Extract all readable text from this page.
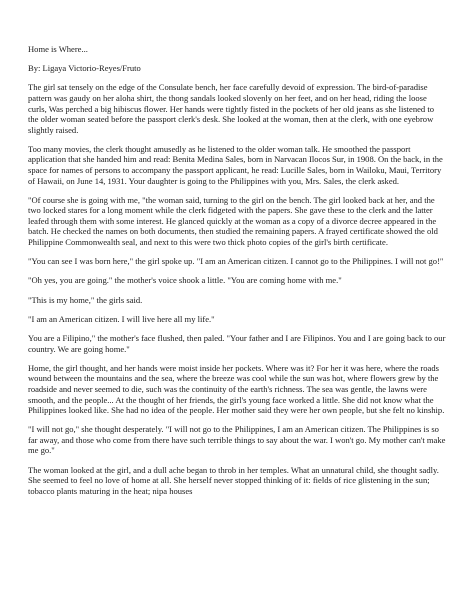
Home is Where...

By: Ligaya Victorio-Reyes/Fruto

The girl sat tensely on the edge of the Consulate bench, her face carefully devoid of expression. The bird-of-paradise pattern was gaudy on her aloha shirt, the thong sandals looked slovenly on her feet, and on her head, riding the loose curls, Was perched a big hibiscus flower. Her hands were tightly fisted in the pockets of her old jeans as she listened to the older woman seated before the passport clerk's desk. She looked at the woman, then at the clerk, with one eyebrow slightly raised.

Too many movies, the clerk thought amusedly as he listened to the older woman talk. He smoothed the passport application that she handed him and read: Benita Medina Sales, born in Narvacan Ilocos Sur, in 1908. On the back, in the space for names of persons to accompany the passport applicant, he read: Lucille Sales, born in Wailoku, Maui, Territory of Hawaii, on June 14, 1931. Your daughter is going to the Philippines with you, Mrs. Sales, the clerk asked.

"Of course she is going with me, "the woman said, turning to the girl on the bench. The girl looked back at her, and the two locked stares for a long moment while the clerk fidgeted with the papers. She gave these to the clerk and the latter leafed through them with some interest. He glanced quickly at the woman as a copy of a divorce decree appeared in the batch. He checked the names on both documents, then studied the remaining papers. A frayed certificate showed the old Philippine Commonwealth seal, and next to this were two thick photo copies of the girl's birth certificate.

"You can see I was born here," the girl spoke up. "I am an American citizen. I cannot go to the Philippines. I will not go!"

"Oh yes, you are going." the mother's voice shook a little. "You are coming home with me."

"This is my home," the girls said.

"I am an American citizen. I will live here all my life."

You are a Filipino," the mother's face flushed, then paled. "Your father and I are Filipinos. You and I are going back to our country. We are going home."

Home, the girl thought, and her hands were moist inside her pockets. Where was it? For her it was here, where the roads wound between the mountains and the sea, where the breeze was cool while the sun was hot, where flowers grew by the roadside and never seemed to die, such was the continuity of the earth's richness. The sea was gentle, the lawns were smooth, and the people... At the thought of her friends, the girl's young face worked a little. She did not know what the Philippines looked like. She had no idea of the people. Her mother said they were her own people, but she felt no kinship.

"I will not go," she thought desperately. "I will not go to the Philippines, I am an American citizen. The Philippines is so far away, and those who come from there have such terrible things to say about the war. I won't go. My mother can't make me go."

The woman looked at the girl, and a dull ache began to throb in her temples. What an unnatural child, she thought sadly. She seemed to feel no love of home at all. She herself never stopped thinking of it: fields of rice glistening in the sun; tobacco plants maturing in the heat; nipa houses
